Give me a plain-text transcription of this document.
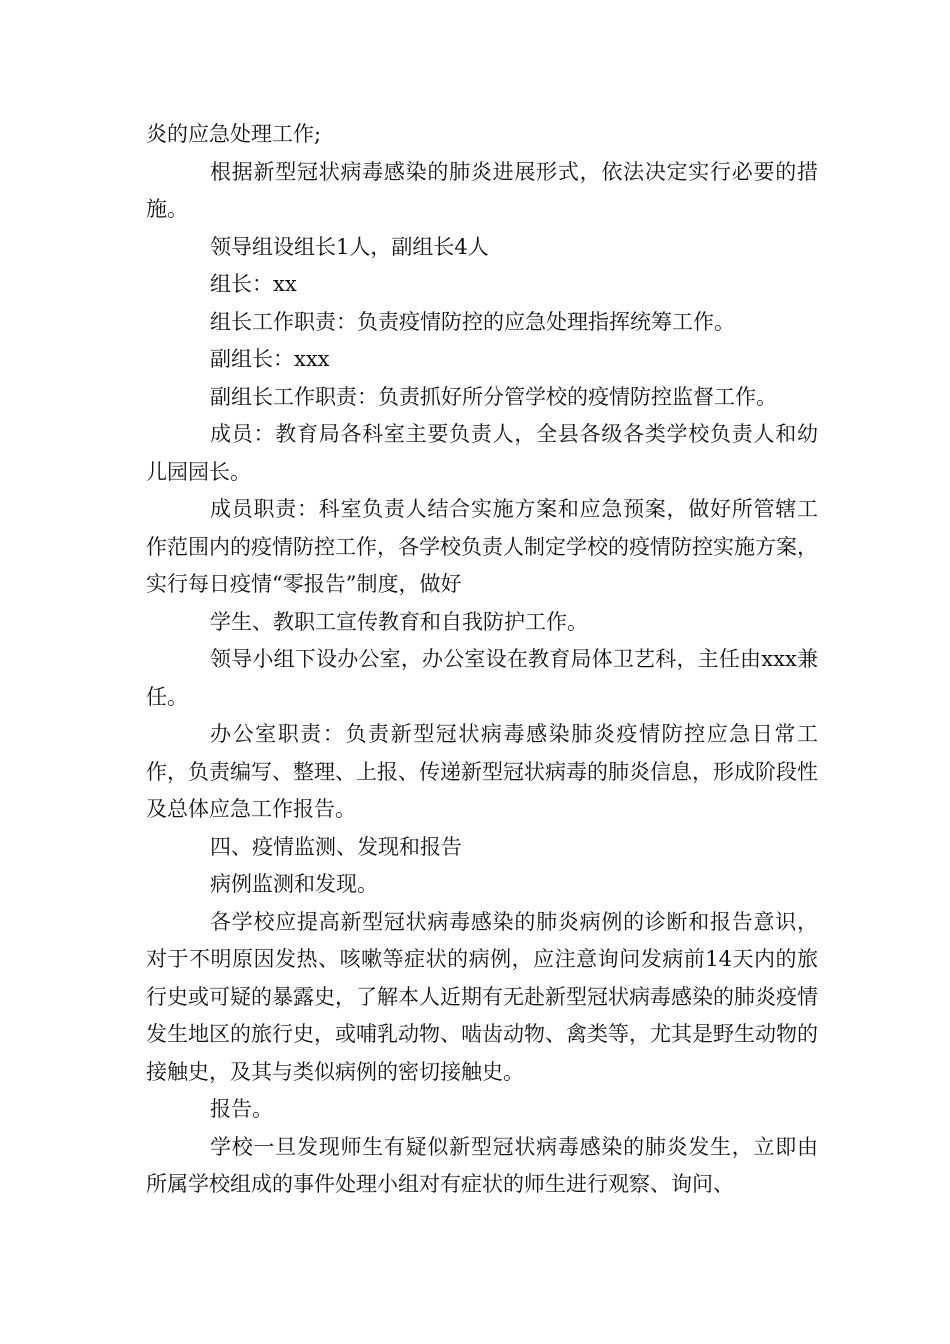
炎的应急处理工作;

根据新型冠状病毒感染的肺炎进展形式，依法决定实行必要的措施。

领导组设组长1人，副组长4人

组长：xx

组长工作职责：负责疫情防控的应急处理指挥统筹工作。

副组长：xxx

副组长工作职责：负责抓好所分管学校的疫情防控监督工作。

成员：教育局各科室主要负责人，全县各级各类学校负责人和幼儿园园长。

成员职责：科室负责人结合实施方案和应急预案，做好所管辖工作范围内的疫情防控工作，各学校负责人制定学校的疫情防控实施方案，实行每日疫情“零报告”制度，做好

学生、教职工宣传教育和自我防护工作。

领导小组下设办公室，办公室设在教育局体卫艺科，主任由xxx兼任。

办公室职责：负责新型冠状病毒感染肺炎疫情防控应急日常工作，负责编写、整理、上报、传递新型冠状病毒的肺炎信息，形成阶段性及总体应急工作报告。

四、疫情监测、发现和报告

病例监测和发现。

各学校应提高新型冠状病毒感染的肺炎病例的诊断和报告意识，对于不明原因发热、咳嗽等症状的病例，应注意询问发病前14天内的旅行史或可疑的暴露史，了解本人近期有无赴新型冠状病毒感染的肺炎疫情发生地区的旅行史，或哺乳动物、啮齿动物、禽类等，尤其是野生动物的接触史，及其与类似病例的密切接触史。

报告。

学校一旦发现师生有疑似新型冠状病毒感染的肺炎发生，立即由所属学校组成的事件处理小组对有症状的师生进行观察、询问、
